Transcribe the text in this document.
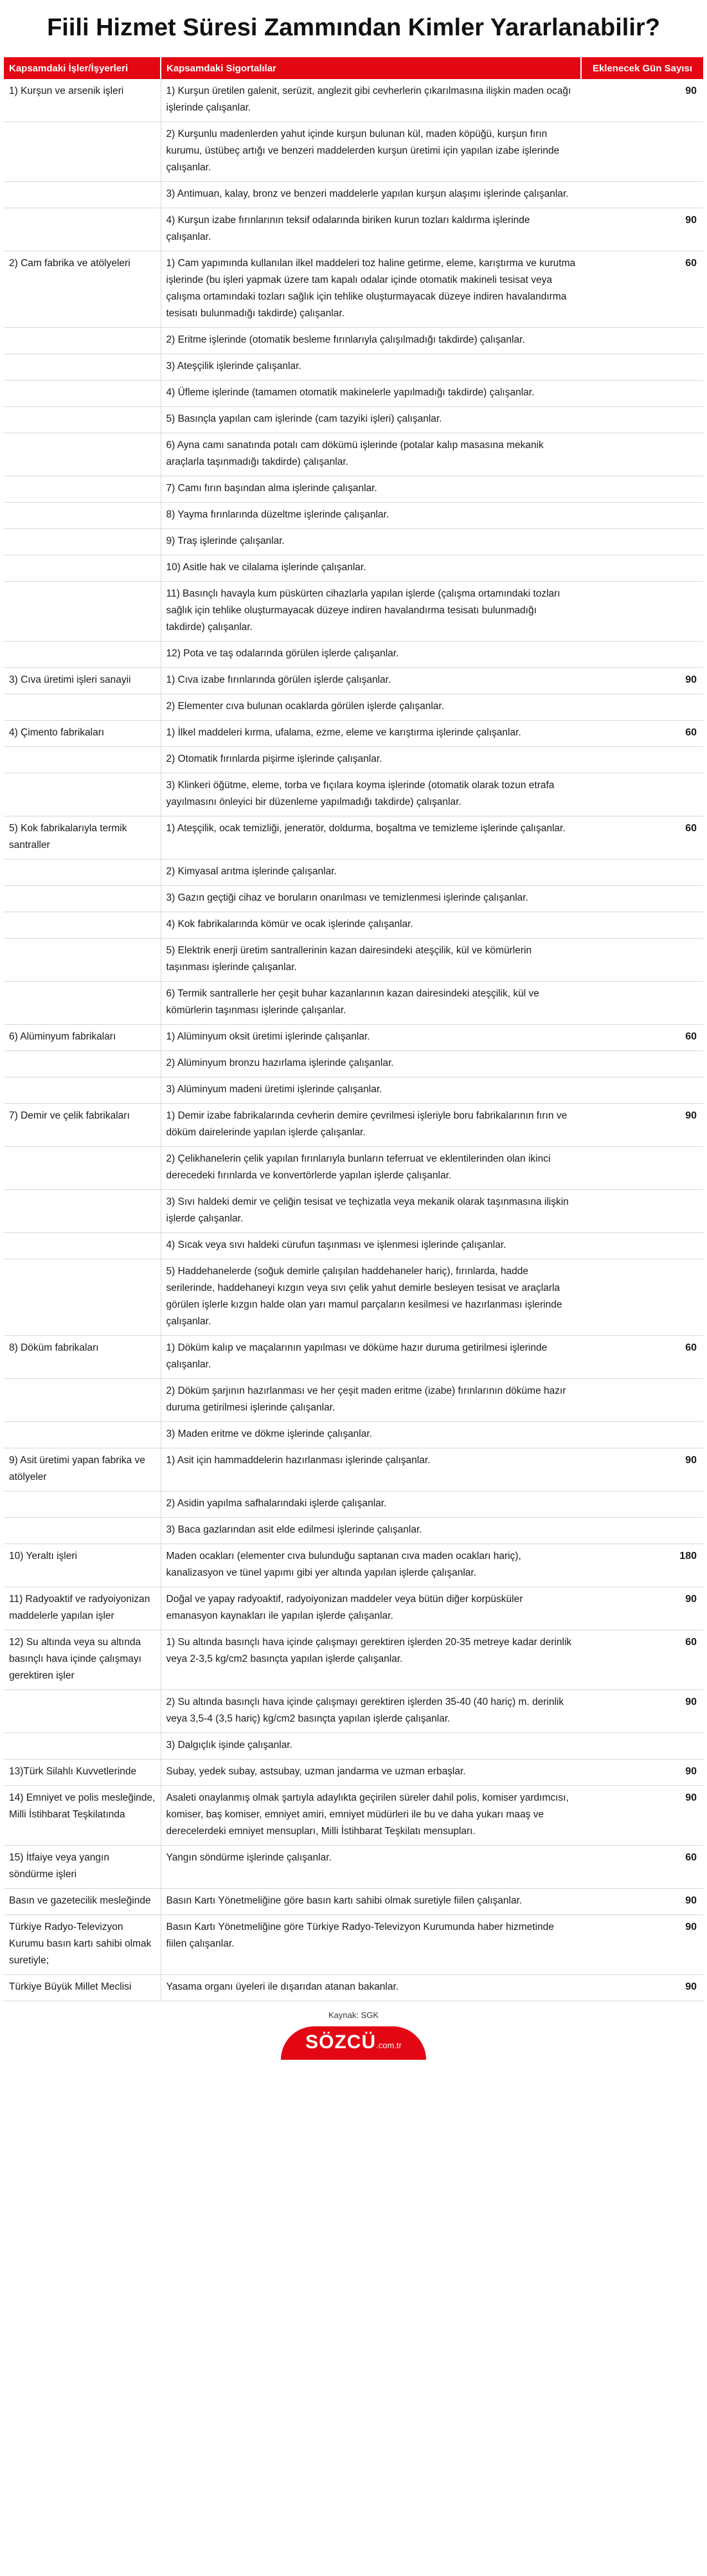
Fiili Hizmet Süresi Zammından Kimler Yararlanabilir?
Kapsamdaki İşler/İşyerleri	Kapsamdaki Sigortalılar	Eklenecek Gün Sayısı
1) Kurşun ve arsenik işleri	1) Kurşun üretilen galenit, serüzit, anglezit gibi cevherlerin çıkarılmasına ilişkin maden ocağı işlerinde çalışanlar.	90
	2) Kurşunlu madenlerden yahut içinde kurşun bulunan kül, maden köpüğü, kurşun fırın kurumu, üstübeç artığı ve benzeri maddelerden kurşun üretimi için yapılan izabe işlerinde çalışanlar.	
	3) Antimuan, kalay, bronz ve benzeri maddelerle yapılan kurşun alaşımı işlerinde çalışanlar.	
	4) Kurşun izabe fırınlarının teksif odalarında biriken kurun tozları kaldırma işlerinde çalışanlar.	90
2) Cam fabrika ve atölyeleri	1) Cam yapımında kullanılan ilkel maddeleri toz haline getirme, eleme, karıştırma ve kurutma işlerinde (bu işleri yapmak üzere tam kapalı odalar içinde otomatik makineli tesisat veya çalışma ortamındaki tozları sağlık için tehlike oluşturmayacak düzeye indiren havalandırma tesisatı bulunmadığı takdirde) çalışanlar.	60
	2) Eritme işlerinde (otomatik besleme fırınlarıyla çalışılmadığı takdirde) çalışanlar.	
	3) Ateşçilik işlerinde çalışanlar.	
	4) Üfleme işlerinde (tamamen otomatik makinelerle yapılmadığı takdirde) çalışanlar.	
	5) Basınçla yapılan cam işlerinde (cam tazyiki işleri) çalışanlar.	
	6) Ayna camı sanatında potalı cam dökümü işlerinde (potalar kalıp masasına mekanik araçlarla taşınmadığı takdirde) çalışanlar.	
	7) Camı fırın başından alma işlerinde çalışanlar.	
	8) Yayma fırınlarında düzeltme işlerinde çalışanlar.	
	9) Traş işlerinde çalışanlar.	
	10) Asitle hak ve cilalama işlerinde çalışanlar.	
	11) Basınçlı havayla kum püskürten cihazlarla yapılan işlerde (çalışma ortamındaki tozları sağlık için tehlike oluşturmayacak düzeye indiren havalandırma tesisatı bulunmadığı takdirde) çalışanlar.	
	12) Pota ve taş odalarında görülen işlerde çalışanlar.	
3) Cıva üretimi işleri sanayii	1) Cıva izabe fırınlarında görülen işlerde çalışanlar.	90
	2) Elementer cıva bulunan ocaklarda görülen işlerde çalışanlar.	
4) Çimento fabrikaları	1) İlkel maddeleri kırma, ufalama, ezme, eleme ve karıştırma işlerinde çalışanlar.	60
	2) Otomatik fırınlarda pişirme işlerinde çalışanlar.	
	3) Klinkeri öğütme, eleme, torba ve fıçılara koyma işlerinde (otomatik olarak tozun etrafa yayılmasını önleyici bir düzenleme yapılmadığı takdirde) çalışanlar.	
5) Kok fabrikalarıyla termik santraller	1) Ateşçilik, ocak temizliği, jeneratör, doldurma, boşaltma ve temizleme işlerinde çalışanlar.	60
	2) Kimyasal arıtma işlerinde çalışanlar.	
	3) Gazın geçtiği cihaz ve boruların onarılması ve temizlenmesi işlerinde çalışanlar.	
	4) Kok fabrikalarında kömür ve ocak işlerinde çalışanlar.	
	5) Elektrik enerji üretim santrallerinin kazan dairesindeki ateşçilik, kül ve kömürlerin taşınması işlerinde çalışanlar.	
	6) Termik santrallerle her çeşit buhar kazanlarının kazan dairesindeki ateşçilik, kül ve kömürlerin taşınması işlerinde çalışanlar.	
6) Alüminyum fabrikaları	1) Alüminyum oksit üretimi işlerinde çalışanlar.	60
	2) Alüminyum bronzu hazırlama işlerinde çalışanlar.	
	3) Alüminyum madeni üretimi işlerinde çalışanlar.	
7) Demir ve çelik fabrikaları	1) Demir izabe fabrikalarında cevherin demire çevrilmesi işleriyle boru fabrikalarının fırın ve döküm dairelerinde yapılan işlerde çalışanlar.	90
	2) Çelikhanelerin çelik yapılan fırınlarıyla bunların teferruat ve eklentilerinden olan ikinci derecedeki fırınlarda ve konvertörlerde yapılan işlerde çalışanlar.	
	3) Sıvı haldeki demir ve çeliğin tesisat ve teçhizatla veya mekanik olarak taşınmasına ilişkin işlerde çalışanlar.	
	4) Sıcak veya sıvı haldeki cürufun taşınması ve işlenmesi işlerinde çalışanlar.	
	5) Haddehanelerde (soğuk demirle çalışılan haddehaneler hariç), fırınlarda, hadde serilerinde, haddehaneyi kızgın veya sıvı çelik yahut demirle besleyen tesisat ve araçlarla görülen işlerle kızgın halde olan yarı mamul parçaların kesilmesi ve hazırlanması işlerinde çalışanlar.	
8) Döküm fabrikaları	1) Döküm kalıp ve maçalarının yapılması ve döküme hazır duruma getirilmesi işlerinde çalışanlar.	60
	2) Döküm şarjının hazırlanması ve her çeşit maden eritme (izabe) fırınlarının döküme hazır duruma getirilmesi işlerinde çalışanlar.	
	3) Maden eritme ve dökme işlerinde çalışanlar.	
9) Asit üretimi yapan fabrika ve atölyeler	1) Asit için hammaddelerin hazırlanması işlerinde çalışanlar.	90
	2) Asidin yapılma safhalarındaki işlerde çalışanlar.	
	3) Baca gazlarından asit elde edilmesi işlerinde çalışanlar.	
10) Yeraltı işleri	Maden ocakları (elementer cıva bulunduğu saptanan cıva maden ocakları hariç), kanalizasyon ve tünel yapımı gibi yer altında yapılan işlerde çalışanlar.	180
11) Radyoaktif ve radyoiyonizan maddelerle yapılan işler	Doğal ve yapay radyoaktif, radyoiyonizan maddeler veya bütün diğer korpüsküler emanasyon kaynakları ile yapılan işlerde çalışanlar.	90
12) Su altında veya su altında basınçlı hava içinde çalışmayı gerektiren işler	1) Su altında basınçlı hava içinde çalışmayı gerektiren işlerden 20-35 metreye kadar derinlik veya 2-3,5 kg/cm2 basınçta yapılan işlerde çalışanlar.	60
	2) Su altında basınçlı hava içinde çalışmayı gerektiren işlerden 35-40 (40 hariç) m. derinlik veya 3,5-4 (3,5 hariç) kg/cm2 basınçta yapılan işlerde çalışanlar.	90
	3) Dalgıçlık işinde çalışanlar.	
13)Türk Silahlı Kuvvetlerinde	Subay, yedek subay, astsubay, uzman jandarma ve uzman erbaşlar.	90
14) Emniyet ve polis mesleğinde, Milli İstihbarat Teşkilatında	Asaleti onaylanmış olmak şartıyla adaylıkta geçirilen süreler dahil polis, komiser yardımcısı, komiser, baş komiser, emniyet amiri, emniyet müdürleri ile bu ve daha yukarı maaş ve derecelerdeki emniyet mensupları, Milli İstihbarat Teşkilatı mensupları.	90
15) İtfaiye veya yangın söndürme işleri	Yangın söndürme işlerinde çalışanlar.	60
Basın ve gazetecilik mesleğinde	Basın Kartı Yönetmeliğine göre basın kartı sahibi olmak suretiyle fiilen çalışanlar.	90
Türkiye Radyo-Televizyon Kurumu basın kartı sahibi olmak suretiyle;	Basın Kartı Yönetmeliğine göre Türkiye Radyo-Televizyon Kurumunda haber hizmetinde fiilen çalışanlar.	90
Türkiye Büyük Millet Meclisi	Yasama organı üyeleri ile dışarıdan atanan bakanlar.	90
Kaynak: SGK
SÖZCÜ.com.tr
